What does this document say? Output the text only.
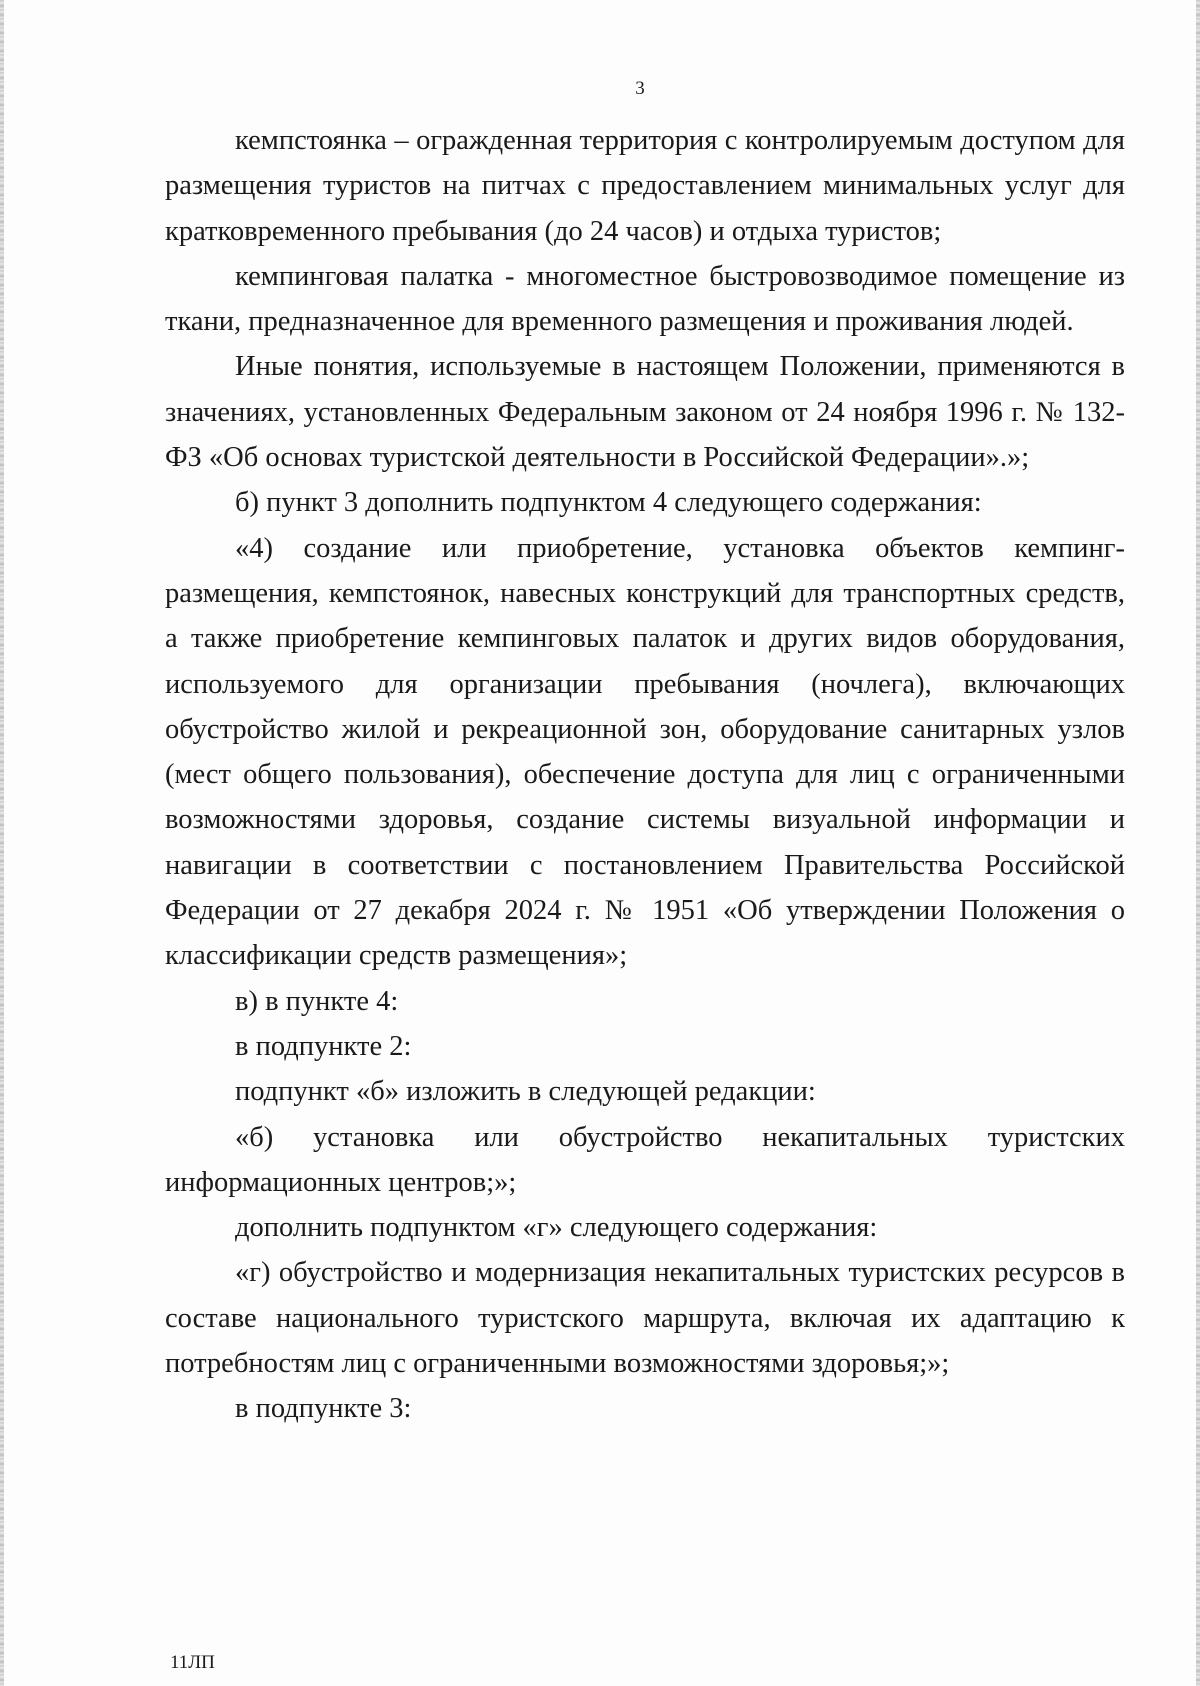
3

кемпстоянка – огражденная территория с контролируемым доступом для размещения туристов на питчах с предоставлением минимальных услуг для кратковременного пребывания (до 24 часов) и отдыха туристов;

кемпинговая палатка - многоместное быстровозводимое помещение из ткани, предназначенное для временного размещения и проживания людей.

Иные понятия, используемые в настоящем Положении, применяются в значениях, установленных Федеральным законом от 24 ноября 1996 г. № 132-ФЗ «Об основах туристской деятельности в Российской Федерации».»;

б) пункт 3 дополнить подпунктом 4 следующего содержания:

«4) создание или приобретение, установка объектов кемпинг-размещения, кемпстоянок, навесных конструкций для транспортных средств, а также приобретение кемпинговых палаток и других видов оборудования, используемого для организации пребывания (ночлега), включающих обустройство жилой и рекреационной зон, оборудование санитарных узлов (мест общего пользования), обеспечение доступа для лиц с ограниченными возможностями здоровья, создание системы визуальной информации и навигации в соответствии с постановлением Правительства Российской Федерации от 27 декабря 2024 г. № 1951 «Об утверждении Положения о классификации средств размещения»;

в) в пункте 4:

в подпункте 2:

подпункт «б» изложить в следующей редакции:

«б) установка или обустройство некапитальных туристских информационных центров;»;

дополнить подпунктом «г» следующего содержания:

«г) обустройство и модернизация некапитальных туристских ресурсов в составе национального туристского маршрута, включая их адаптацию к потребностям лиц с ограниченными возможностями здоровья;»;

в подпункте 3:

11ЛП
